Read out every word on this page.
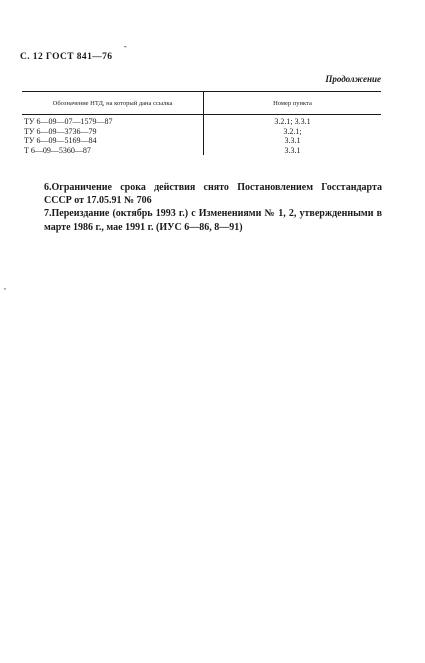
С. 12 ГОСТ 841—76
-
Продолжение
Обозначение НТД, на который дана ссылка	Номер пункта
ТУ 6—09—07—1579—87	3.2.1; 3.3.1
ТУ 6—09—3736—79	3.2.1;
ТУ 6—09—5169—84	3.3.1
Т 6—09—5360—87	3.3.1

6.Ограничение срока действия снято Постановлением Госстандарта СССР от 17.05.91 № 706

7.Переиздание (октябрь 1993 г.) с Изменениями № 1, 2, утвержденными в марте 1986 г., мае 1991 г. (ИУС 6—86, 8—91)

,
